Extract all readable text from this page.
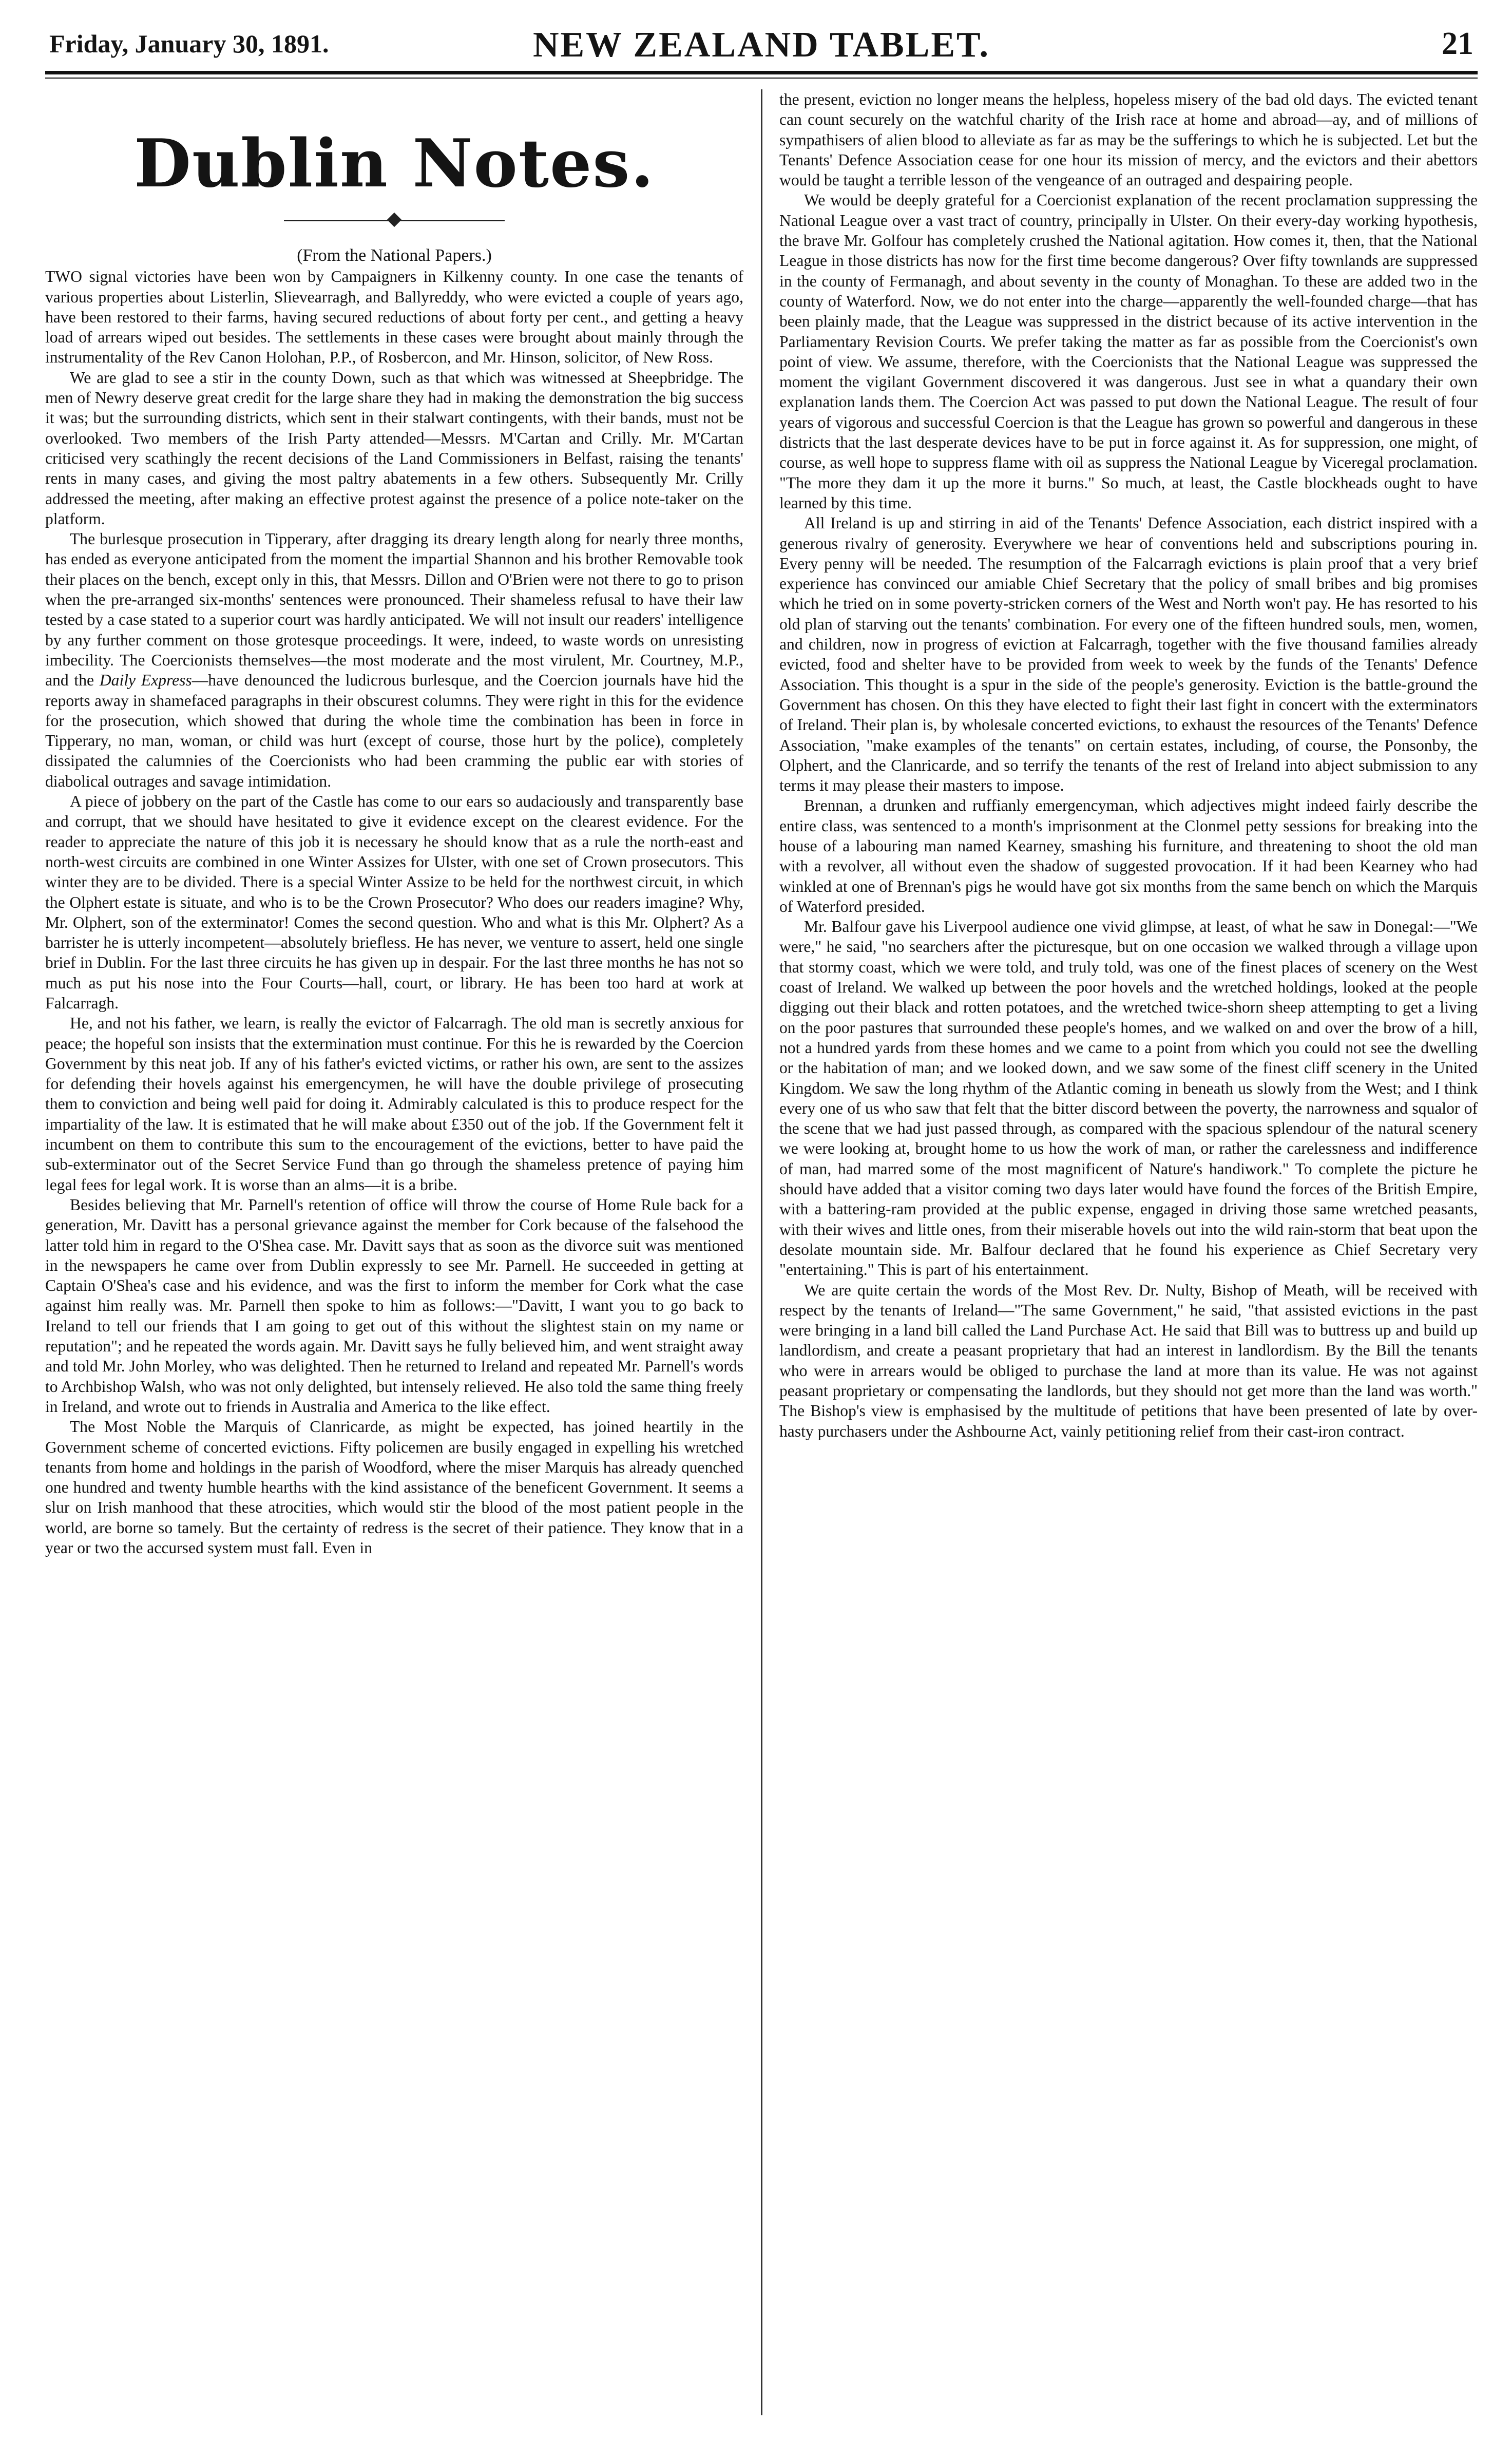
Friday, January 30, 1891.	NEW ZEALAND TABLET.	21
Dublin Notes.
(From the National Papers.)

TWO signal victories have been won by Campaigners in Kilkenny county. In one case the tenants of various properties about Listerlin, Slievearragh, and Ballyreddy, who were evicted a couple of years ago, have been restored to their farms, having secured reductions of about forty per cent., and getting a heavy load of arrears wiped out besides. The settlements in these cases were brought about mainly through the instrumentality of the Rev Canon Holohan, P.P., of Rosbercon, and Mr. Hinson, solicitor, of New Ross.

We are glad to see a stir in the county Down, such as that which was witnessed at Sheepbridge. The men of Newry deserve great credit for the large share they had in making the demonstration the big success it was; but the surrounding districts, which sent in their stalwart contingents, with their bands, must not be overlooked. Two members of the Irish Party attended—Messrs. M'Cartan and Crilly. Mr. M'Cartan criticised very scathingly the recent decisions of the Land Commissioners in Belfast, raising the tenants' rents in many cases, and giving the most paltry abatements in a few others. Subsequently Mr. Crilly addressed the meeting, after making an effective protest against the presence of a police note-taker on the platform.

The burlesque prosecution in Tipperary, after dragging its dreary length along for nearly three months, has ended as everyone anticipated from the moment the impartial Shannon and his brother Removable took their places on the bench, except only in this, that Messrs. Dillon and O'Brien were not there to go to prison when the pre-arranged six-months' sentences were pronounced. Their shameless refusal to have their law tested by a case stated to a superior court was hardly anticipated. We will not insult our readers' intelligence by any further comment on those grotesque proceedings. It were, indeed, to waste words on unresisting imbecility. The Coercionists themselves—the most moderate and the most virulent, Mr. Courtney, M.P., and the Daily Express—have denounced the ludicrous burlesque, and the Coercion journals have hid the reports away in shamefaced paragraphs in their obscurest columns. They were right in this for the evidence for the prosecution, which showed that during the whole time the combination has been in force in Tipperary, no man, woman, or child was hurt (except of course, those hurt by the police), completely dissipated the calumnies of the Coercionists who had been cramming the public ear with stories of diabolical outrages and savage intimidation.

A piece of jobbery on the part of the Castle has come to our ears so audaciously and transparently base and corrupt, that we should have hesitated to give it evidence except on the clearest evidence. For the reader to appreciate the nature of this job it is necessary he should know that as a rule the north-east and north-west circuits are combined in one Winter Assizes for Ulster, with one set of Crown prosecutors. This winter they are to be divided. There is a special Winter Assize to be held for the northwest circuit, in which the Olphert estate is situate, and who is to be the Crown Prosecutor? Who does our readers imagine? Why, Mr. Olphert, son of the exterminator! Comes the second question. Who and what is this Mr. Olphert? As a barrister he is utterly incompetent—absolutely briefless. He has never, we venture to assert, held one single brief in Dublin. For the last three circuits he has given up in despair. For the last three months he has not so much as put his nose into the Four Courts—hall, court, or library. He has been too hard at work at Falcarragh.

He, and not his father, we learn, is really the evictor of Falcarragh. The old man is secretly anxious for peace; the hopeful son insists that the extermination must continue. For this he is rewarded by the Coercion Government by this neat job. If any of his father's evicted victims, or rather his own, are sent to the assizes for defending their hovels against his emergencymen, he will have the double privilege of prosecuting them to conviction and being well paid for doing it. Admirably calculated is this to produce respect for the impartiality of the law. It is estimated that he will make about £350 out of the job. If the Government felt it incumbent on them to contribute this sum to the encouragement of the evictions, better to have paid the sub-exterminator out of the Secret Service Fund than go through the shameless pretence of paying him legal fees for legal work. It is worse than an alms—it is a bribe.

Besides believing that Mr. Parnell's retention of office will throw the course of Home Rule back for a generation, Mr. Davitt has a personal grievance against the member for Cork because of the falsehood the latter told him in regard to the O'Shea case. Mr. Davitt says that as soon as the divorce suit was mentioned in the newspapers he came over from Dublin expressly to see Mr. Parnell. He succeeded in getting at Captain O'Shea's case and his evidence, and was the first to inform the member for Cork what the case against him really was. Mr. Parnell then spoke to him as follows:—"Davitt, I want you to go back to Ireland to tell our friends that I am going to get out of this without the slightest stain on my name or reputation"; and he repeated the words again. Mr. Davitt says he fully believed him, and went straight away and told Mr. John Morley, who was delighted. Then he returned to Ireland and repeated Mr. Parnell's words to Archbishop Walsh, who was not only delighted, but intensely relieved. He also told the same thing freely in Ireland, and wrote out to friends in Australia and America to the like effect.

The Most Noble the Marquis of Clanricarde, as might be expected, has joined heartily in the Government scheme of concerted evictions. Fifty policemen are busily engaged in expelling his wretched tenants from home and holdings in the parish of Woodford, where the miser Marquis has already quenched one hundred and twenty humble hearths with the kind assistance of the beneficent Government. It seems a slur on Irish manhood that these atrocities, which would stir the blood of the most patient people in the world, are borne so tamely. But the certainty of redress is the secret of their patience. They know that in a year or two the accursed system must fall. Even in

the present, eviction no longer means the helpless, hopeless misery of the bad old days. The evicted tenant can count securely on the watchful charity of the Irish race at home and abroad—ay, and of millions of sympathisers of alien blood to alleviate as far as may be the sufferings to which he is subjected. Let but the Tenants' Defence Association cease for one hour its mission of mercy, and the evictors and their abettors would be taught a terrible lesson of the vengeance of an outraged and despairing people.

We would be deeply grateful for a Coercionist explanation of the recent proclamation suppressing the National League over a vast tract of country, principally in Ulster. On their every-day working hypothesis, the brave Mr. Golfour has completely crushed the National agitation. How comes it, then, that the National League in those districts has now for the first time become dangerous? Over fifty townlands are suppressed in the county of Fermanagh, and about seventy in the county of Monaghan. To these are added two in the county of Waterford. Now, we do not enter into the charge—apparently the well-founded charge—that has been plainly made, that the League was suppressed in the district because of its active intervention in the Parliamentary Revision Courts. We prefer taking the matter as far as possible from the Coercionist's own point of view. We assume, therefore, with the Coercionists that the National League was suppressed the moment the vigilant Government discovered it was dangerous. Just see in what a quandary their own explanation lands them. The Coercion Act was passed to put down the National League. The result of four years of vigorous and successful Coercion is that the League has grown so powerful and dangerous in these districts that the last desperate devices have to be put in force against it. As for suppression, one might, of course, as well hope to suppress flame with oil as suppress the National League by Viceregal proclamation. "The more they dam it up the more it burns." So much, at least, the Castle blockheads ought to have learned by this time.

All Ireland is up and stirring in aid of the Tenants' Defence Association, each district inspired with a generous rivalry of generosity. Everywhere we hear of conventions held and subscriptions pouring in. Every penny will be needed. The resumption of the Falcarragh evictions is plain proof that a very brief experience has convinced our amiable Chief Secretary that the policy of small bribes and big promises which he tried on in some poverty-stricken corners of the West and North won't pay. He has resorted to his old plan of starving out the tenants' combination. For every one of the fifteen hundred souls, men, women, and children, now in progress of eviction at Falcarragh, together with the five thousand families already evicted, food and shelter have to be provided from week to week by the funds of the Tenants' Defence Association. This thought is a spur in the side of the people's generosity. Eviction is the battle-ground the Government has chosen. On this they have elected to fight their last fight in concert with the exterminators of Ireland. Their plan is, by wholesale concerted evictions, to exhaust the resources of the Tenants' Defence Association, "make examples of the tenants" on certain estates, including, of course, the Ponsonby, the Olphert, and the Clanricarde, and so terrify the tenants of the rest of Ireland into abject submission to any terms it may please their masters to impose.

Brennan, a drunken and ruffianly emergencyman, which adjectives might indeed fairly describe the entire class, was sentenced to a month's imprisonment at the Clonmel petty sessions for breaking into the house of a labouring man named Kearney, smashing his furniture, and threatening to shoot the old man with a revolver, all without even the shadow of suggested provocation. If it had been Kearney who had winkled at one of Brennan's pigs he would have got six months from the same bench on which the Marquis of Waterford presided.

Mr. Balfour gave his Liverpool audience one vivid glimpse, at least, of what he saw in Donegal:—"We were," he said, "no searchers after the picturesque, but on one occasion we walked through a village upon that stormy coast, which we were told, and truly told, was one of the finest places of scenery on the West coast of Ireland. We walked up between the poor hovels and the wretched holdings, looked at the people digging out their black and rotten potatoes, and the wretched twice-shorn sheep attempting to get a living on the poor pastures that surrounded these people's homes, and we walked on and over the brow of a hill, not a hundred yards from these homes and we came to a point from which you could not see the dwelling or the habitation of man; and we looked down, and we saw some of the finest cliff scenery in the United Kingdom. We saw the long rhythm of the Atlantic coming in beneath us slowly from the West; and I think every one of us who saw that felt that the bitter discord between the poverty, the narrowness and squalor of the scene that we had just passed through, as compared with the spacious splendour of the natural scenery we were looking at, brought home to us how the work of man, or rather the carelessness and indifference of man, had marred some of the most magnificent of Nature's handiwork." To complete the picture he should have added that a visitor coming two days later would have found the forces of the British Empire, with a battering-ram provided at the public expense, engaged in driving those same wretched peasants, with their wives and little ones, from their miserable hovels out into the wild rain-storm that beat upon the desolate mountain side. Mr. Balfour declared that he found his experience as Chief Secretary very "entertaining." This is part of his entertainment.

We are quite certain the words of the Most Rev. Dr. Nulty, Bishop of Meath, will be received with respect by the tenants of Ireland—"The same Government," he said, "that assisted evictions in the past were bringing in a land bill called the Land Purchase Act. He said that Bill was to buttress up and build up landlordism, and create a peasant proprietary that had an interest in landlordism. By the Bill the tenants who were in arrears would be obliged to purchase the land at more than its value. He was not against peasant proprietary or compensating the landlords, but they should not get more than the land was worth." The Bishop's view is emphasised by the multitude of petitions that have been presented of late by over-hasty purchasers under the Ashbourne Act, vainly petitioning relief from their cast-iron contract.
